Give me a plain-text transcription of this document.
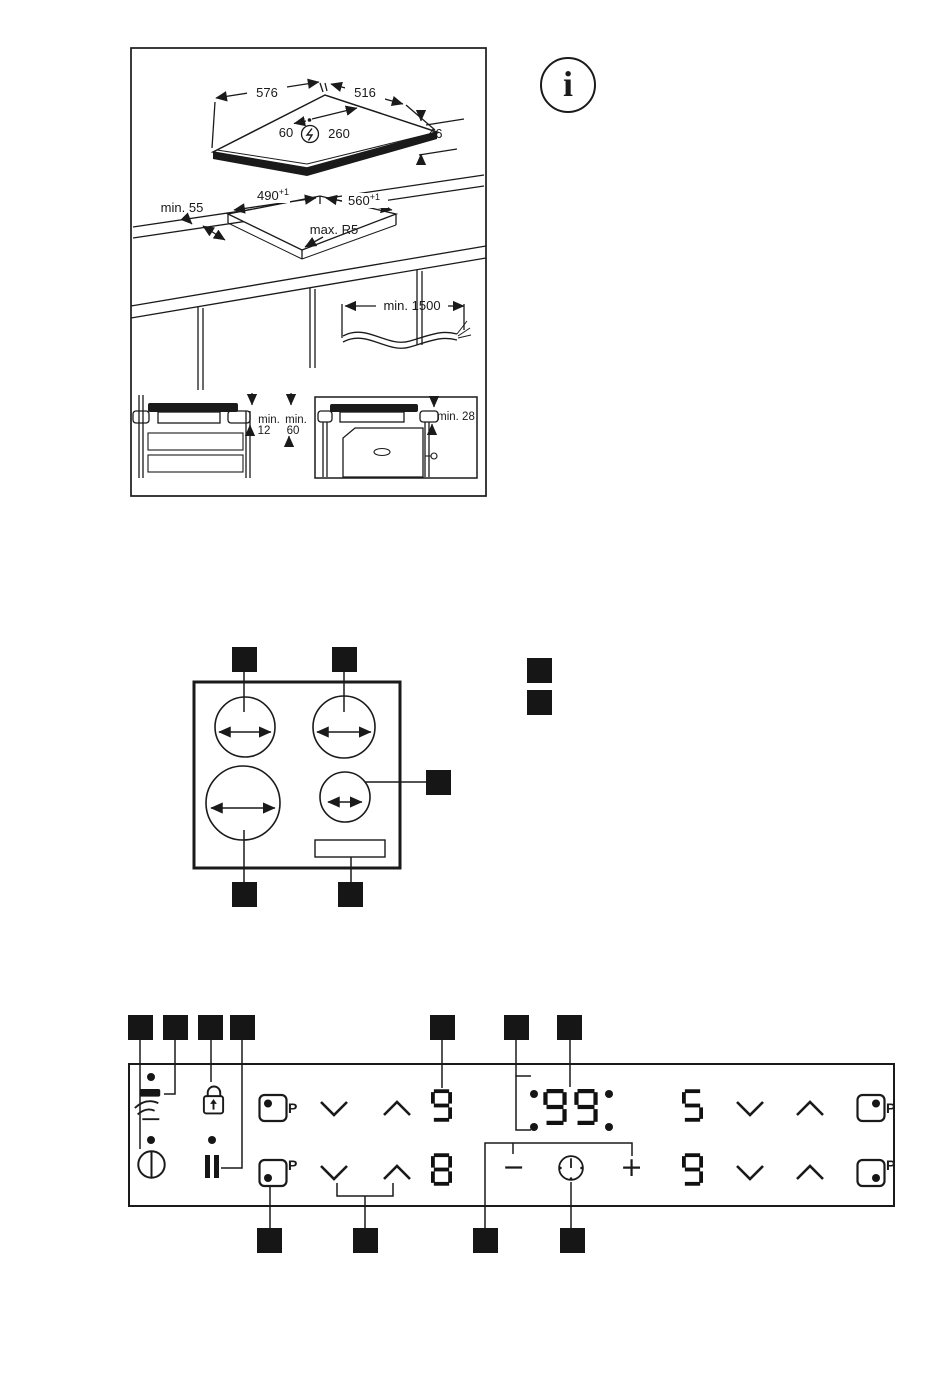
576	516
60	260	46
min. 55
$490^{+1}$
$560^{+1}$
max. R5
min. 1500
min.
12
min.
60
min. 28
i
P
P	−	+
P
P
